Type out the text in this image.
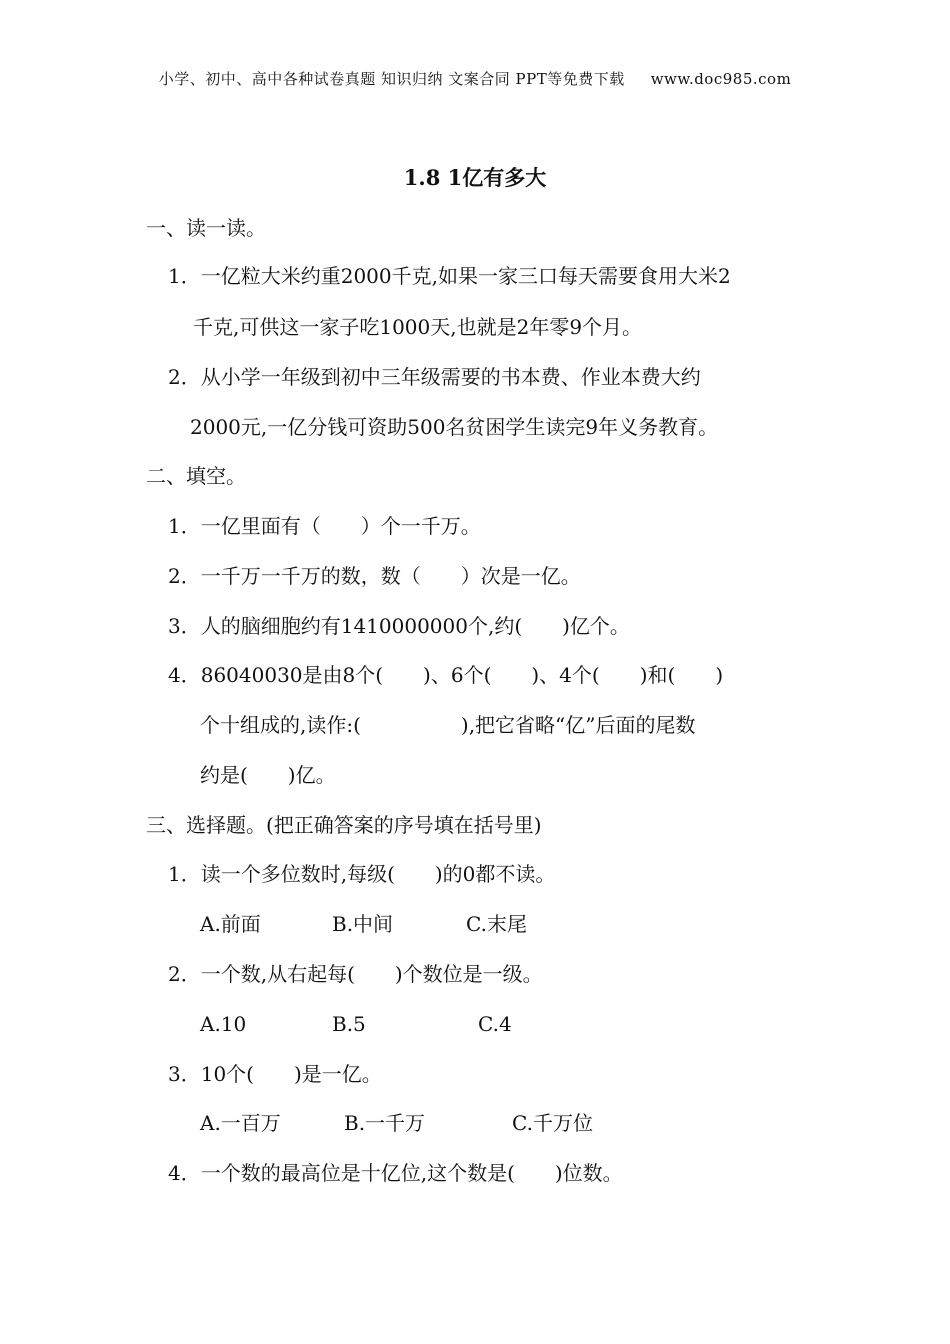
小学、初中、高中各种试卷真题 知识归纳 文案合同 PPT等免费下载 www.doc985.com
1.8 1亿有多大
一、读一读。
1．一亿粒大米约重2000千克,如果一家三口每天需要食用大米2
千克,可供这一家子吃1000天,也就是2年零9个月。
2．从小学一年级到初中三年级需要的书本费、作业本费大约
2000元,一亿分钱可资助500名贫困学生读完9年义务教育。
二、填空。
1．一亿里面有（　　）个一千万。
2．一千万一千万的数，数（　　）次是一亿。
3．人的脑细胞约有1410000000个,约(　　)亿个。
4．86040030是由8个(　　)、6个(　　)、4个(　　)和(　　)
个十组成的,读作:(　　　　　),把它省略“亿”后面的尾数
约是(　　)亿。
三、选择题。(把正确答案的序号填在括号里)
1．读一个多位数时,每级(　　)的0都不读。
A.前面	B.中间	C.末尾
2．一个数,从右起每(　　)个数位是一级。
A.10	B.5	C.4
3．10个(　　)是一亿。
A.一百万	B.一千万	C.千万位
4．一个数的最高位是十亿位,这个数是(　　)位数。
